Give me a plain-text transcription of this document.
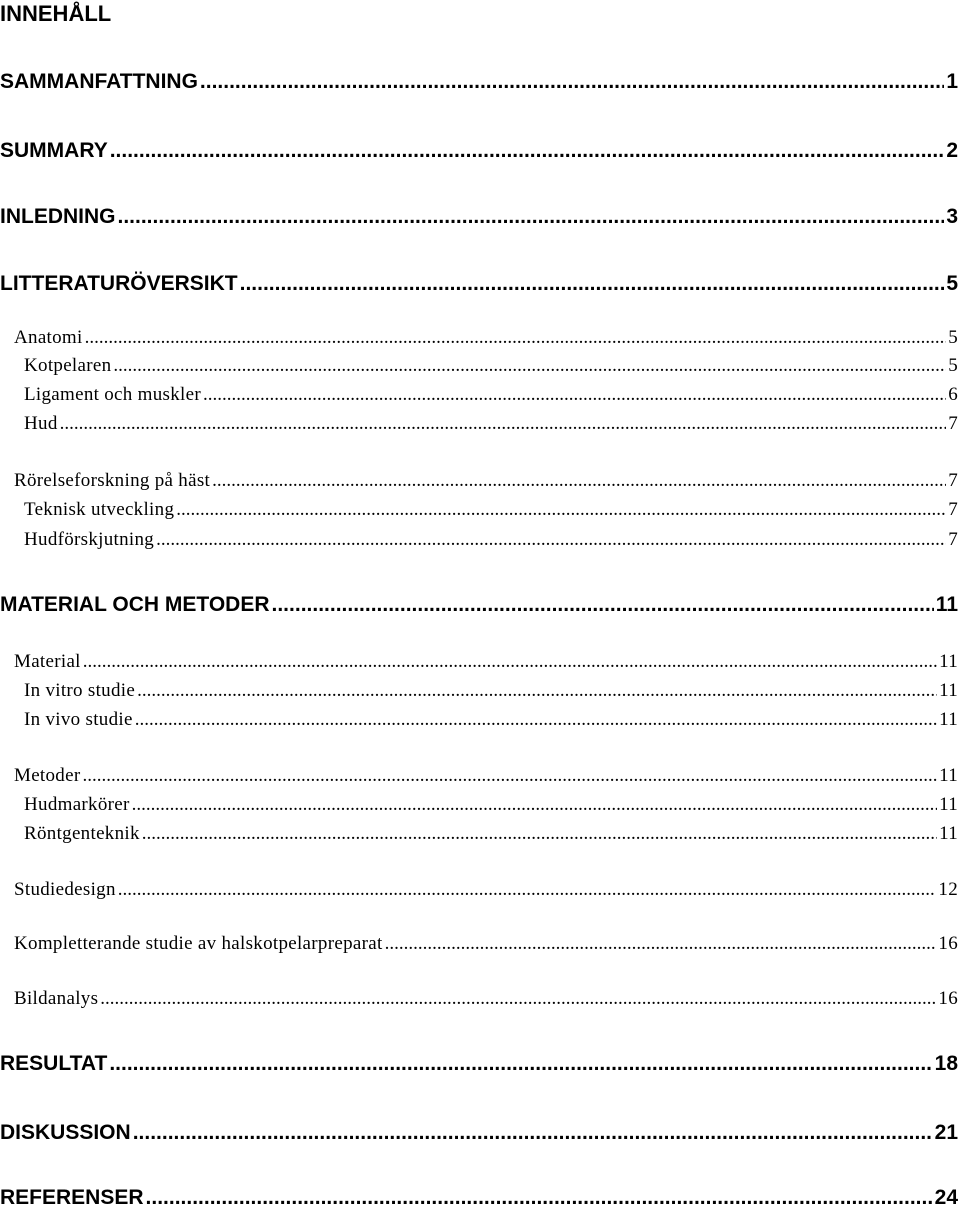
INNEHÅLL
SAMMANFATTNING .....	1
SUMMARY .....	2
INLEDNING .....	3
LITTERATURÖVERSIKT .....	5
Anatomi .....	5
Kotpelaren .....	5
Ligament och muskler .....	6
Hud .....	7
Rörelseforskning på häst .....	7
Teknisk utveckling .....	7
Hudförskjutning .....	7
MATERIAL OCH METODER .....	11
Material .....	11
In vitro studie .....	11
In vivo studie .....	11
Metoder .....	11
Hudmarkörer .....	11
Röntgenteknik .....	11
Studiedesign .....	12
Kompletterande studie av halskotpelarpreparat .....	16
Bildanalys .....	16
RESULTAT .....	18
DISKUSSION .....	21
REFERENSER .....	24
